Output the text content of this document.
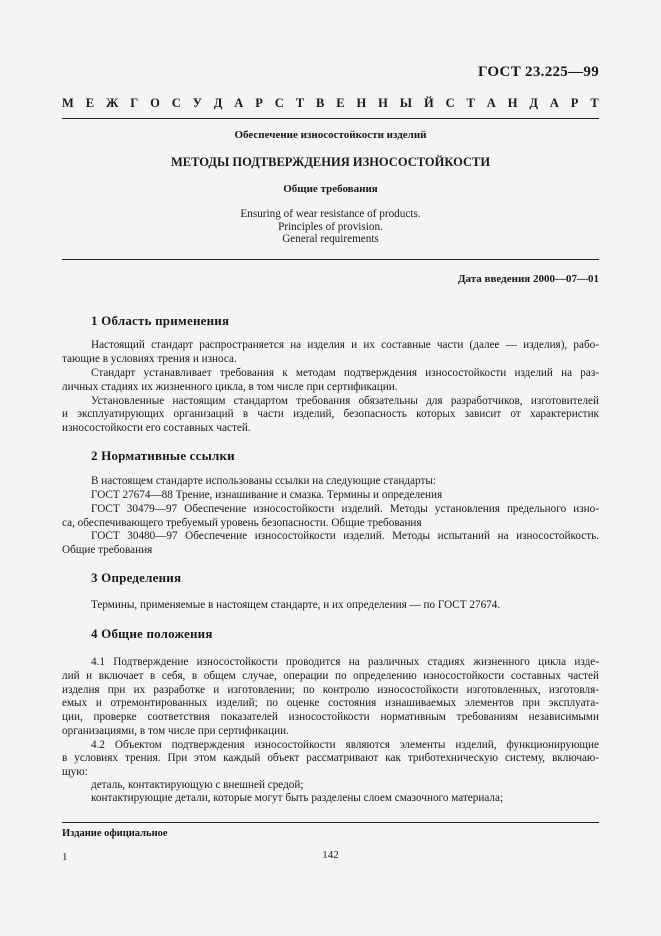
ГОСТ 23.225—99
М Е Ж Г О С У Д А Р С Т В Е Н Н Ы Й С Т А Н Д А Р Т
Обеспечение износостойкости изделий
МЕТОДЫ ПОДТВЕРЖДЕНИЯ ИЗНОСОСТОЙКОСТИ
Общие требования
Ensuring of wear resistance of products.
Principles of provision.
General requirements
Дата введения 2000—07—01
1 Область применения
Настоящий стандарт распространяется на изделия и их составные части (далее — изделия), рабо-
тающие в условиях трения и износа.
Стандарт устанавливает требования к методам подтверждения износостойкости изделий на раз-
личных стадиях их жизненного цикла, в том числе при сертификации.
Установленные настоящим стандартом требования обязательны для разработчиков, изготовителей
и эксплуатирующих организаций в части изделий, безопасность которых зависит от характеристик
износостойкости его составных частей.
2 Нормативные ссылки
В настоящем стандарте использованы ссылки на следующие стандарты:
ГОСТ 27674—88 Трение, изнашивание и смазка. Термины и определения
ГОСТ 30479—97 Обеспечение износостойкости изделий. Методы установления предельного изно-
са, обеспечивающего требуемый уровень безопасности. Общие требования
ГОСТ 30480—97 Обеспечение износостойкости изделий. Методы испытаний на износостойкость.
Общие требования
3 Определения
Термины, применяемые в настоящем стандарте, и их определения — по ГОСТ 27674.
4 Общие положения
4.1 Подтверждение износостойкости проводится на различных стадиях жизненного цикла изде-
лий и включает в себя, в общем случае, операции по определению износостойкости составных частей
изделия при их разработке и изготовлении; по контролю износостойкости изготовленных, изготовля-
емых и отремонтированных изделий; по оценке состояния изнашиваемых элементов при эксплуата-
ции, проверке соответствия показателей износостойкости нормативным требованиям независимыми
организациями, в том числе при сертификации.
4.2 Объектом подтверждения износостойкости являются элементы изделий, функционирующие
в условиях трения. При этом каждый объект рассматривают как триботехническую систему, включаю-
щую:
деталь, контактирующую с внешней средой;
контактирующие детали, которые могут быть разделены слоем смазочного материала;
Издание официальное
1	142
